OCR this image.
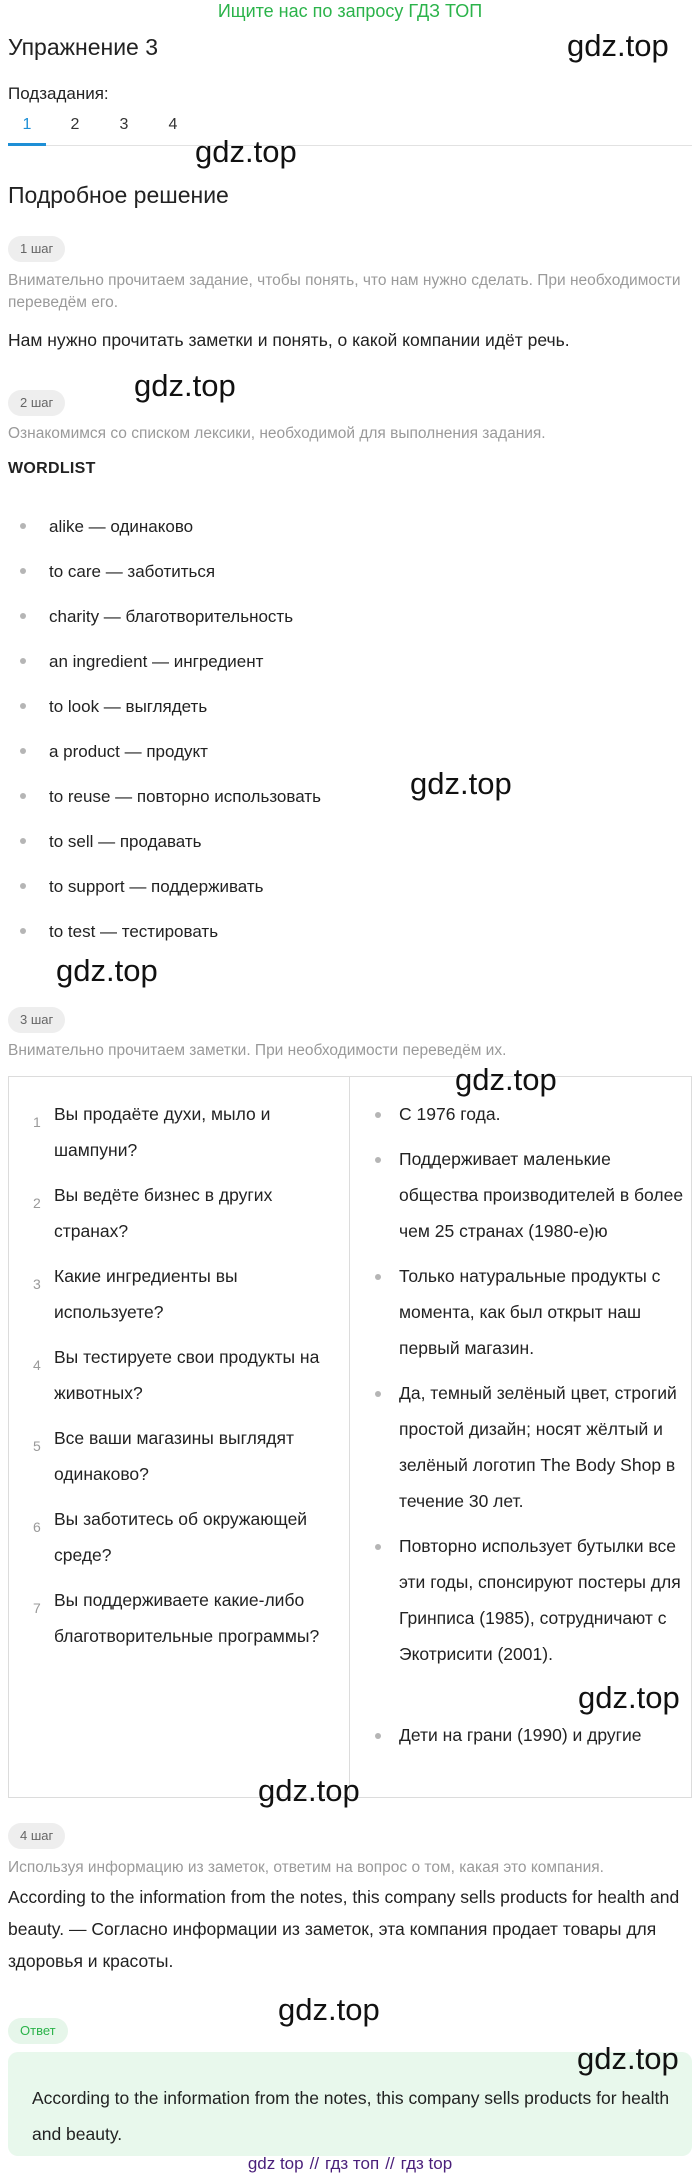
Ищите нас по запросу ГДЗ ТОП
Упражнение 3	gdz.top
Подзадания:
1	2	3	4
gdz.top
Подробное решение
1 шаг
Внимательно прочитаем задание, чтобы понять, что нам нужно сделать. При необходимости переведём его.
Нам нужно прочитать заметки и понять, о какой компании идёт речь.
gdz.top
2 шаг
Ознакомимся со списком лексики, необходимой для выполнения задания.
WORDLIST
alike — одинаково
to care — заботиться
charity — благотворительность
an ingredient — ингредиент
to look — выглядеть
a product — продукт
to reuse — повторно использовать
to sell — продавать
to support — поддерживать
to test — тестировать
gdz.top
gdz.top
3 шаг
Внимательно прочитаем заметки. При необходимости переведём их.
1 Вы продаёте духи, мыло и шампуни?
2 Вы ведёте бизнес в других странах?
3 Какие ингредиенты вы используете?
4 Вы тестируете свои продукты на животных?
5 Все ваши магазины выглядят одинаково?
6 Вы заботитесь об окружающей среде?
7 Вы поддерживаете какие-либо благотворительные программы?
С 1976 года.
Поддерживает маленькие общества производителей в более чем 25 странах (1980-е)ю
Только натуральные продукты с момента, как был открыт наш первый магазин.
Да, темный зелёный цвет, строгий простой дизайн; носят жёлтый и зелёный логотип The Body Shop в течение 30 лет.
Повторно использует бутылки все эти годы, спонсируют постеры для Гринписа (1985), сотрудничают с Экотрисити (2001).
Дети на грани (1990) и другие
gdz.top
gdz.top
gdz.top
4 шаг
Используя информацию из заметок, ответим на вопрос о том, какая это компания.
According to the information from the notes, this company sells products for health and beauty. — Согласно информации из заметок, эта компания продает товары для здоровья и красоты.
gdz.top
Ответ
According to the information from the notes, this company sells products for health and beauty.
gdz.top
gdz top // гдз топ // гдз top
